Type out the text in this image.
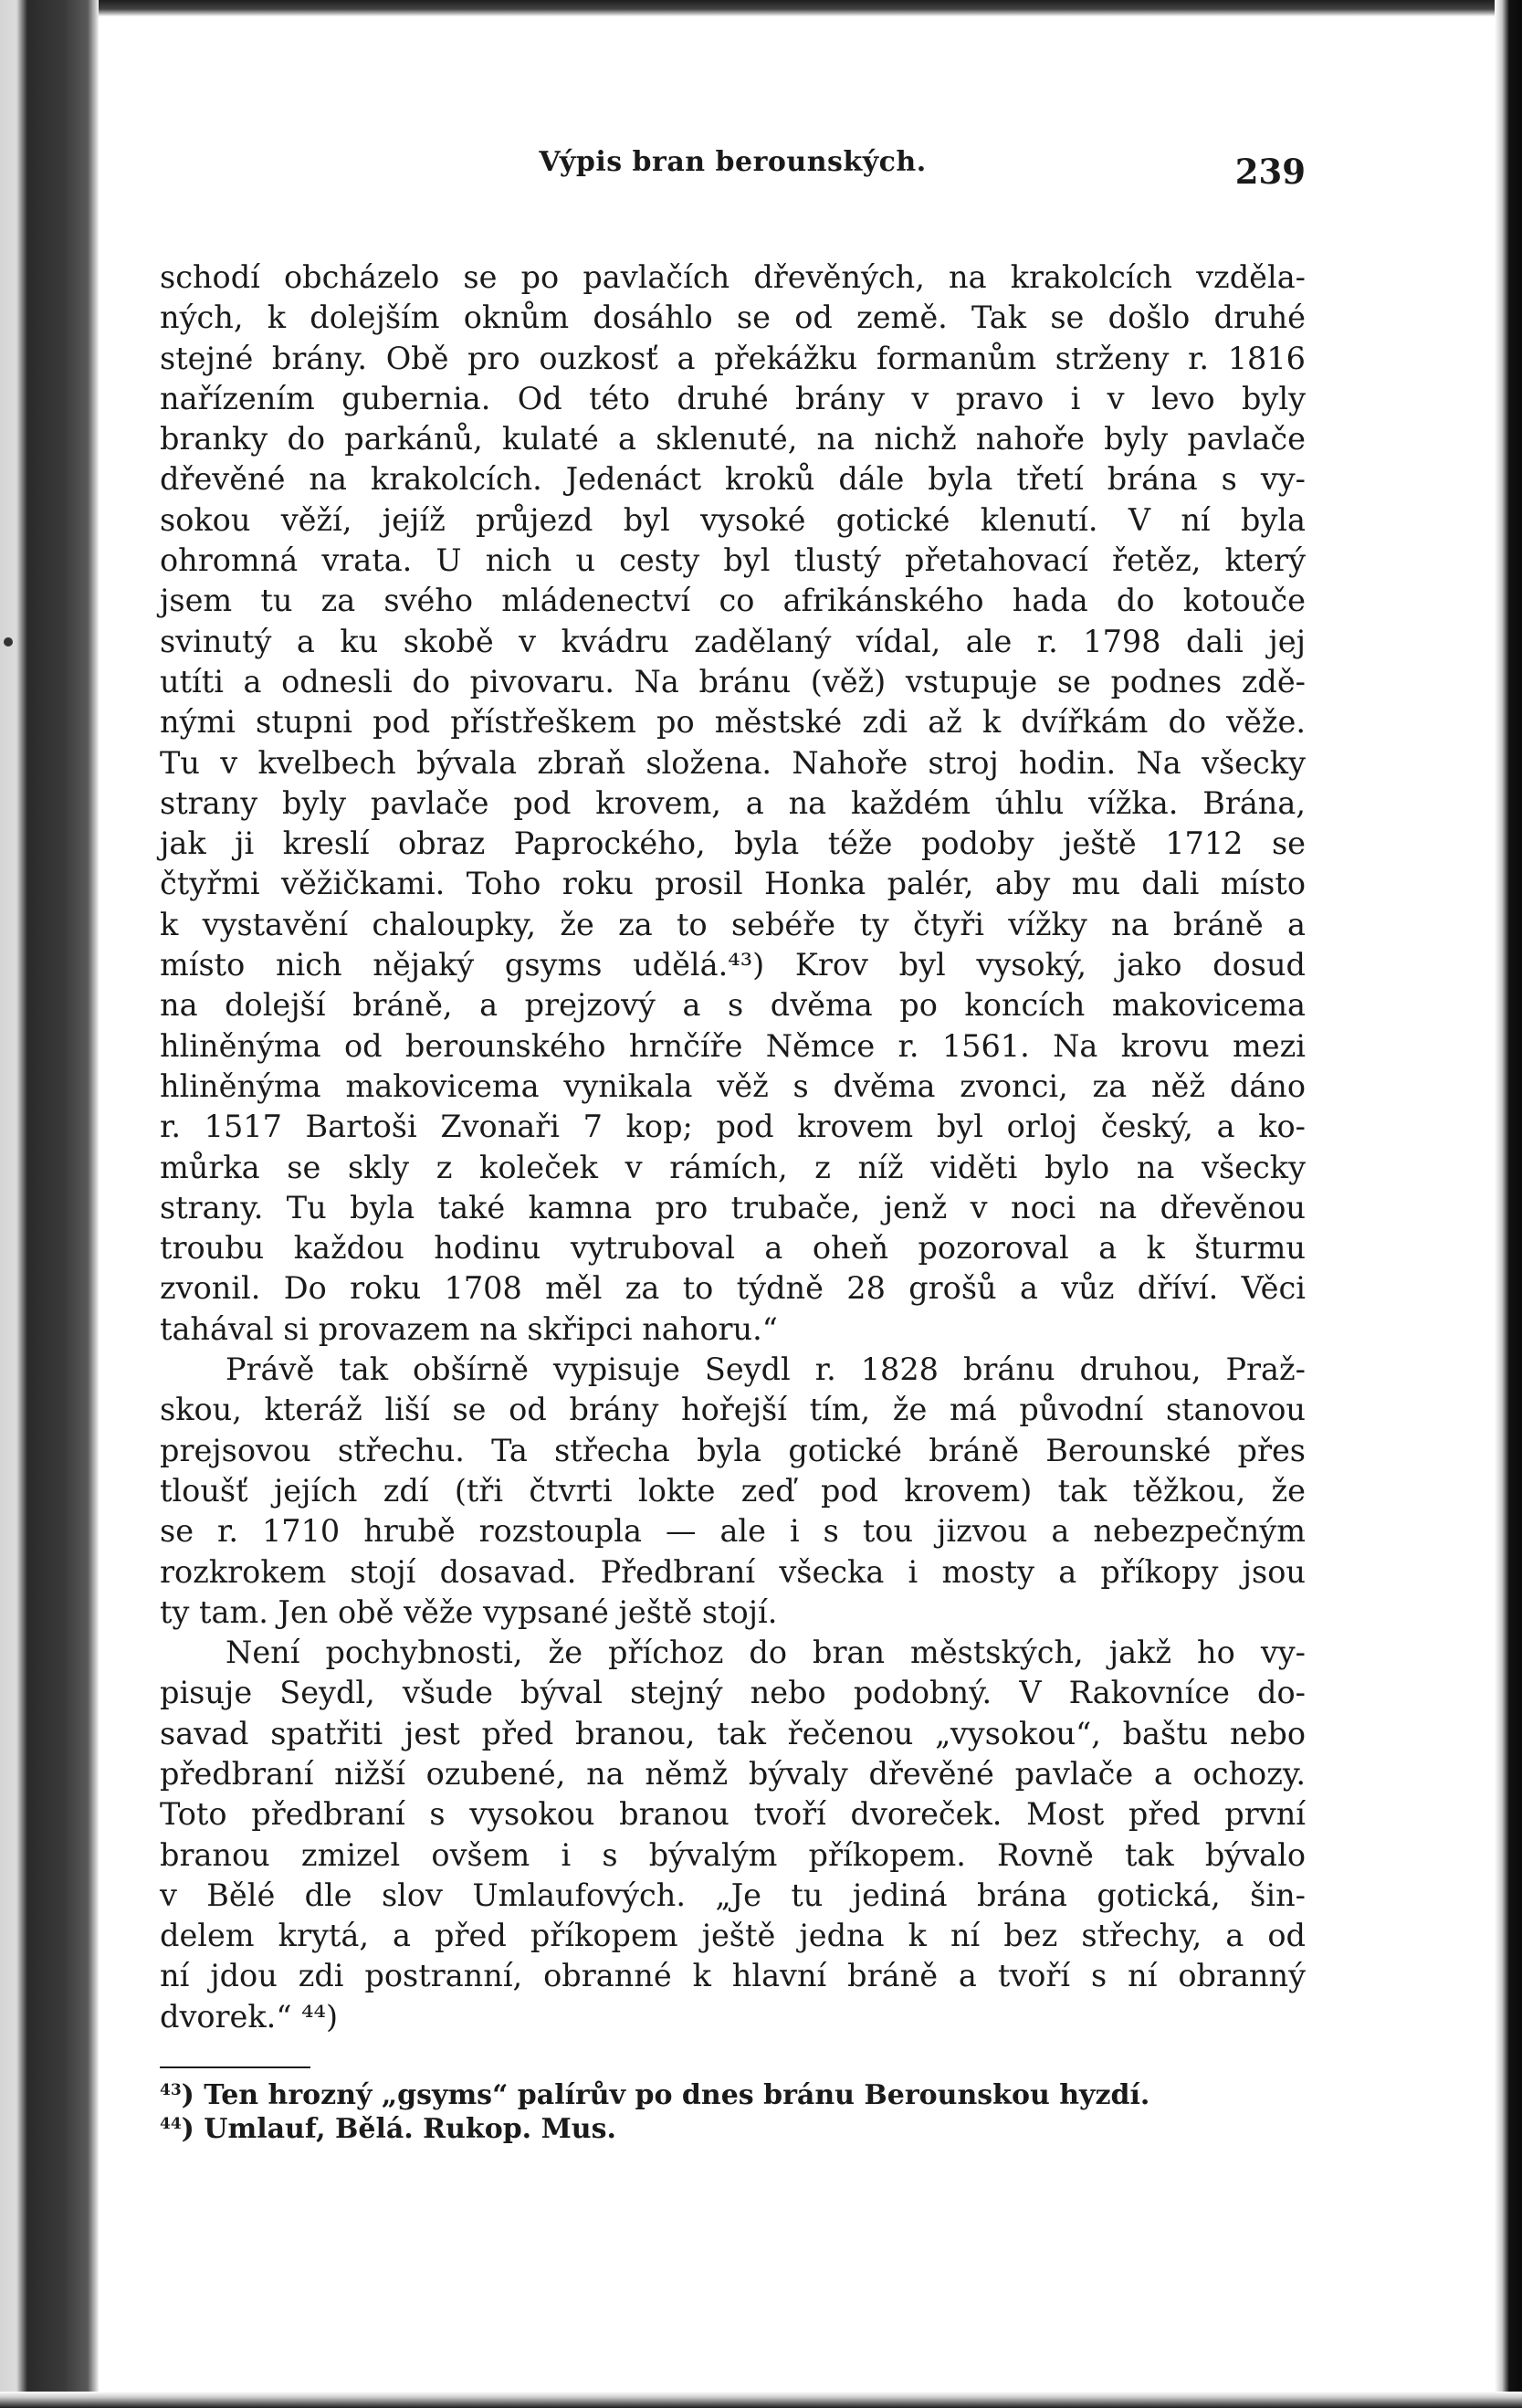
Výpis bran berounských.	239
schodí obcházelo se po pavlačích dřevěných, na krakolcích vzděla-
ných, k dolejším oknům dosáhlo se od země. Tak se došlo druhé
stejné brány. Obě pro ouzkosť a překážku formanům strženy r. 1816
nařízením gubernia. Od této druhé brány v pravo i v levo byly
branky do parkánů, kulaté a sklenuté, na nichž nahoře byly pavlače
dřevěné na krakolcích. Jedenáct kroků dále byla třetí brána s vy-
sokou věží, jejíž průjezd byl vysoké gotické klenutí. V ní byla
ohromná vrata. U nich u cesty byl tlustý přetahovací řetěz, který
jsem tu za svého mládenectví co afrikánského hada do kotouče
svinutý a ku skobě v kvádru zadělaný vídal, ale r. 1798 dali jej
utíti a odnesli do pivovaru. Na bránu (věž) vstupuje se podnes zdě-
nými stupni pod přístřeškem po městské zdi až k dvířkám do věže.
Tu v kvelbech bývala zbraň složena. Nahoře stroj hodin. Na všecky
strany byly pavlače pod krovem, a na každém úhlu vížka. Brána,
jak ji kreslí obraz Paprockého, byla téže podoby ještě 1712 se
čtyřmi věžičkami. Toho roku prosil Honka palér, aby mu dali místo
k vystavění chaloupky, že za to sebéře ty čtyři vížky na bráně a
místo nich nějaký gsyms udělá.⁴³) Krov byl vysoký, jako dosud
na dolejší bráně, a prejzový a s dvěma po koncích makovicema
hliněnýma od berounského hrnčíře Němce r. 1561. Na krovu mezi
hliněnýma makovicema vynikala věž s dvěma zvonci, za něž dáno
r. 1517 Bartoši Zvonaři 7 kop; pod krovem byl orloj český, a ko-
můrka se skly z koleček v rámích, z níž viděti bylo na všecky
strany. Tu byla také kamna pro trubače, jenž v noci na dřevěnou
troubu každou hodinu vytruboval a oheň pozoroval a k šturmu
zvonil. Do roku 1708 měl za to týdně 28 grošů a vůz dříví. Věci
tahával si provazem na skřipci nahoru.“
Právě tak obšírně vypisuje Seydl r. 1828 bránu druhou, Praž-
skou, kteráž liší se od brány hořejší tím, že má původní stanovou
prejsovou střechu. Ta střecha byla gotické bráně Berounské přes
tloušť jejích zdí (tři čtvrti lokte zeď pod krovem) tak těžkou, že
se r. 1710 hrubě rozstoupla — ale i s tou jizvou a nebezpečným
rozkrokem stojí dosavad. Předbraní všecka i mosty a příkopy jsou
ty tam. Jen obě věže vypsané ještě stojí.
Není pochybnosti, že příchoz do bran městských, jakž ho vy-
pisuje Seydl, všude býval stejný nebo podobný. V Rakovníce do-
savad spatřiti jest před branou, tak řečenou „vysokou“, baštu nebo
předbraní nižší ozubené, na němž bývaly dřevěné pavlače a ochozy.
Toto předbraní s vysokou branou tvoří dvoreček. Most před první
branou zmizel ovšem i s bývalým příkopem. Rovně tak bývalo
v Bělé dle slov Umlaufových. „Je tu jediná brána gotická, šin-
delem krytá, a před příkopem ještě jedna k ní bez střechy, a od
ní jdou zdi postranní, obranné k hlavní bráně a tvoří s ní obranný
dvorek.“ ⁴⁴)
$^{43}$) Ten hrozný „gsyms“ palírův po dnes bránu Berounskou hyzdí.
$^{44}$) Umlauf, Bělá. Rukop. Mus.
